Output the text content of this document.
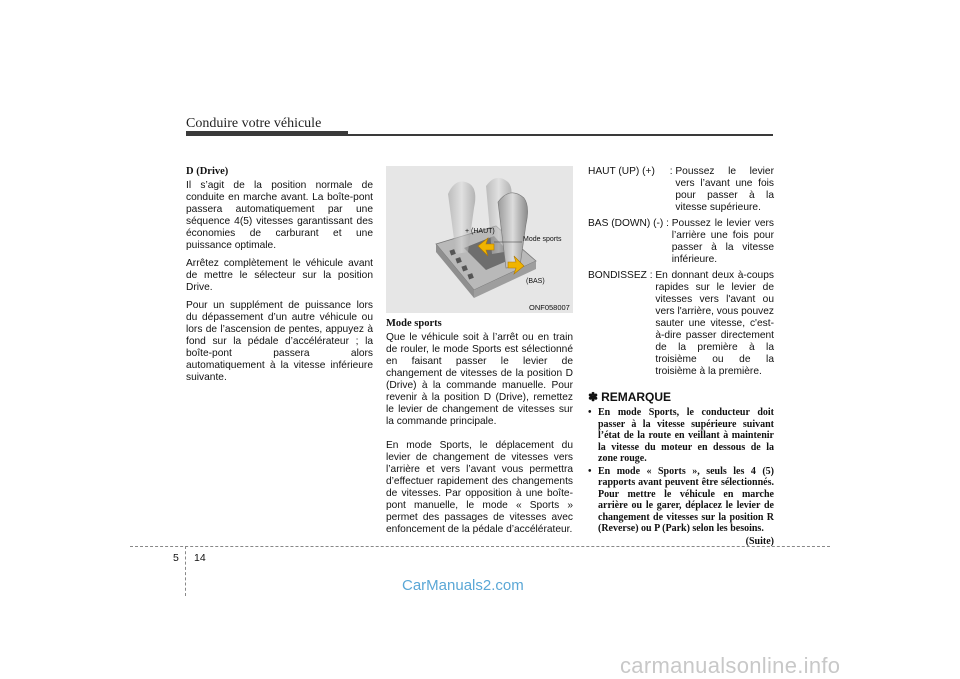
Conduire votre véhicule
D (Drive)

Il s’agit de la position normale de conduite en marche avant. La boîte-pont passera automatiquement par une séquence 4(5) vitesses garantissant des économies de carburant et une puissance optimale.

Arrêtez complètement le véhicule avant de mettre le sélecteur sur la position Drive.

Pour un supplément de puissance lors du dépassement d’un autre véhicule ou lors de l’ascension de pentes, appuyez à fond sur la pédale d’accélérateur ; la boîte-pont passera alors automatiquement à la vitesse inférieure suivante.

+ (HAUT)
Mode sports
(BAS)
ONF058007
Mode sports

Que le véhicule soit à l’arrêt ou en train de rouler, le mode Sports est sélectionné en faisant passer le levier de changement de vitesses de la position D (Drive) à la commande manuelle. Pour revenir à la position D (Drive), remettez le levier de changement de vitesses sur la commande principale.

En mode Sports, le déplacement du levier de changement de vitesses vers l’arrière et vers l’avant vous permettra d’effectuer rapidement des changements de vitesses. Par opposition à une boîte-pont manuelle, le mode « Sports » permet des passages de vitesses avec enfoncement de la pédale d’accélérateur.

HAUT (UP) (+)	: Poussez le levier vers l’avant une fois pour passer à la vitesse supérieure.
BAS (DOWN) (-) : Poussez le levier vers l’arrière une fois pour passer à la vitesse inférieure.
BONDISSEZ : En donnant deux à-coups rapides sur le levier de vitesses vers l'avant ou vers l'arrière, vous pouvez sauter une vitesse, c'est-à-dire passer directement de la première à la troisième ou de la troisième à la première.
✽ REMARQUE
• En mode Sports, le conducteur doit passer à la vitesse supérieure suivant l’état de la route en veillant à maintenir la vitesse du moteur en dessous de la zone rouge.
• En mode « Sports », seuls les 4 (5) rapports avant peuvent être sélectionnés. Pour mettre le véhicule en marche arrière ou le garer, déplacez le levier de changement de vitesses sur la position R (Reverse) ou P (Park) selon les besoins.
(Suite)
5 14
CarManuals2.com
carmanualsonline.info
